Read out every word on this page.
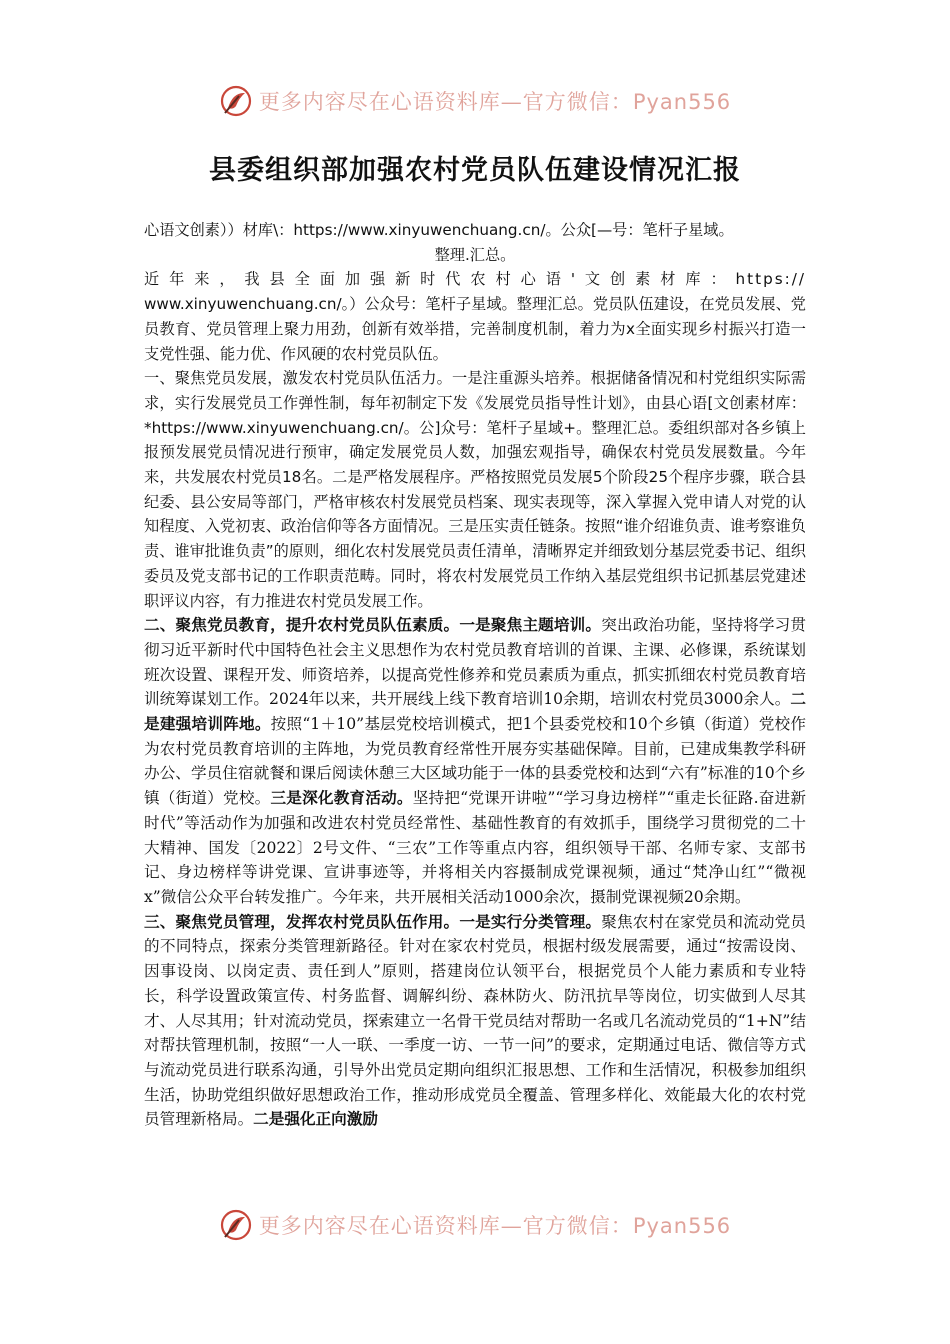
更多内容尽在心语资料库—官方微信：Pyan556
县委组织部加强农村党员队伍建设情况汇报

心语文创素））材库\：https://www.xinyuwenchuang.cn/。公众[—号：笔杆子星域。

整理.汇总。

近年来，我县全面加强新时代农村心语'文创素材库：https://

www.xinyuwenchuang.cn/。）公众号：笔杆子星域。整理汇总。党员队伍建设，在党员发展、党员教育、党员管理上聚力用劲，创新有效举措，完善制度机制，着力为x全面实现乡村振兴打造一支党性强、能力优、作风硬的农村党员队伍。

一、聚焦党员发展，激发农村党员队伍活力。一是注重源头培养。根据储备情况和村党组织实际需求，实行发展党员工作弹性制，每年初制定下发《发展党员指导性计划》，由县心语[文创素材库：*https://www.xinyuwenchuang.cn/。公]众号：笔杆子星域+。整理汇总。委组织部对各乡镇上报预发展党员情况进行预审，确定发展党员人数，加强宏观指导，确保农村党员发展数量。今年来，共发展农村党员18名。二是严格发展程序。严格按照党员发展5个阶段25个程序步骤，联合县纪委、县公安局等部门，严格审核农村发展党员档案、现实表现等，深入掌握入党申请人对党的认知程度、入党初衷、政治信仰等各方面情况。三是压实责任链条。按照“谁介绍谁负责、谁考察谁负责、谁审批谁负责”的原则，细化农村发展党员责任清单，清晰界定并细致划分基层党委书记、组织委员及党支部书记的工作职责范畴。同时，将农村发展党员工作纳入基层党组织书记抓基层党建述职评议内容，有力推进农村党员发展工作。

二、聚焦党员教育，提升农村党员队伍素质。一是聚焦主题培训。突出政治功能，坚持将学习贯彻习近平新时代中国特色社会主义思想作为农村党员教育培训的首课、主课、必修课，系统谋划班次设置、课程开发、师资培养，以提高党性修养和党员素质为重点，抓实抓细农村党员教育培训统筹谋划工作。2024年以来，共开展线上线下教育培训10余期，培训农村党员3000余人。二是建强培训阵地。按照“1＋10”基层党校培训模式，把1个县委党校和10个乡镇（街道）党校作为农村党员教育培训的主阵地，为党员教育经常性开展夯实基础保障。目前，已建成集教学科研办公、学员住宿就餐和课后阅读休憩三大区域功能于一体的县委党校和达到“六有”标准的10个乡镇（街道）党校。三是深化教育活动。坚持把“党课开讲啦”“学习身边榜样”“重走长征路.奋进新时代”等活动作为加强和改进农村党员经常性、基础性教育的有效抓手，围绕学习贯彻党的二十大精神、国发〔2022〕2号文件、“三农”工作等重点内容，组织领导干部、名师专家、支部书记、身边榜样等讲党课、宣讲事迹等，并将相关内容摄制成党课视频，通过“梵净山红”“微视x”微信公众平台转发推广。今年来，共开展相关活动1000余次，摄制党课视频20余期。

三、聚焦党员管理，发挥农村党员队伍作用。一是实行分类管理。聚焦农村在家党员和流动党员的不同特点，探索分类管理新路径。针对在家农村党员，根据村级发展需要，通过“按需设岗、因事设岗、以岗定责、责任到人”原则，搭建岗位认领平台，根据党员个人能力素质和专业特长，科学设置政策宣传、村务监督、调解纠纷、森林防火、防汛抗旱等岗位，切实做到人尽其才、人尽其用；针对流动党员，探索建立一名骨干党员结对帮助一名或几名流动党员的“1+N”结对帮扶管理机制，按照“一人一联、一季度一访、一节一问”的要求，定期通过电话、微信等方式与流动党员进行联系沟通，引导外出党员定期向组织汇报思想、工作和生活情况，积极参加组织生活，协助党组织做好思想政治工作，推动形成党员全覆盖、管理多样化、效能最大化的农村党员管理新格局。二是强化正向激励

更多内容尽在心语资料库—官方微信：Pyan556
